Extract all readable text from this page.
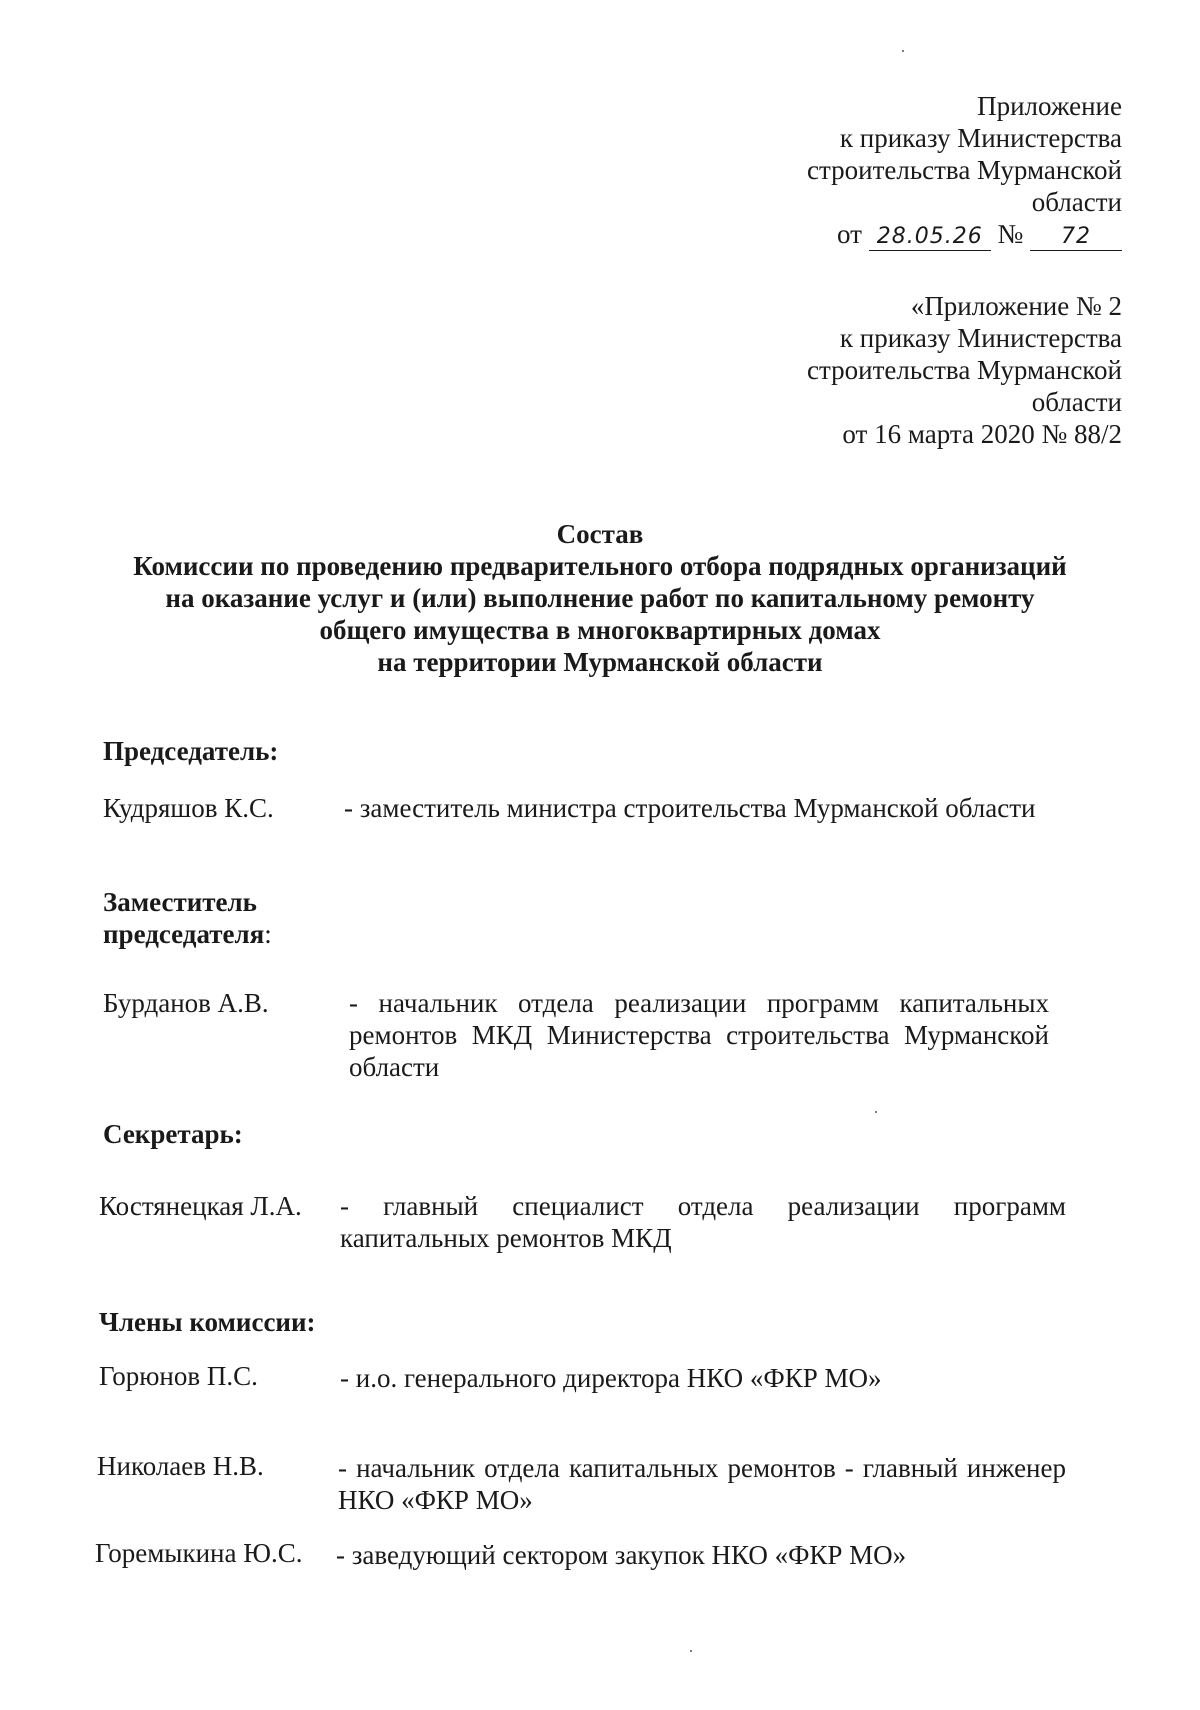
Приложение
к приказу Министерства
строительства Мурманской
области
от 28.05.26 № 72
«Приложение № 2
к приказу Министерства
строительства Мурманской
области
от 16 марта 2020 № 88/2
Состав
Комиссии по проведению предварительного отбора подрядных организаций
на оказание услуг и (или) выполнение работ по капитальному ремонту
общего имущества в многоквартирных домах
на территории Мурманской области
Председатель:
Кудряшов К.С.	- заместитель министра строительства Мурманской области
Заместитель
председателя:
Бурданов А.В.	- начальник отдела реализации программ капитальных ремонтов МКД Министерства строительства Мурманской области
Секретарь:
Костянецкая Л.А. - главный специалист отдела реализации программ капитальных ремонтов МКД
Члены комиссии:
Горюнов П.С.	- и.о. генерального директора НКО «ФКР МО»
Николаев Н.В.	- начальник отдела капитальных ремонтов - главный инженер НКО «ФКР МО»
Горемыкина Ю.С. - заведующий сектором закупок НКО «ФКР МО»
